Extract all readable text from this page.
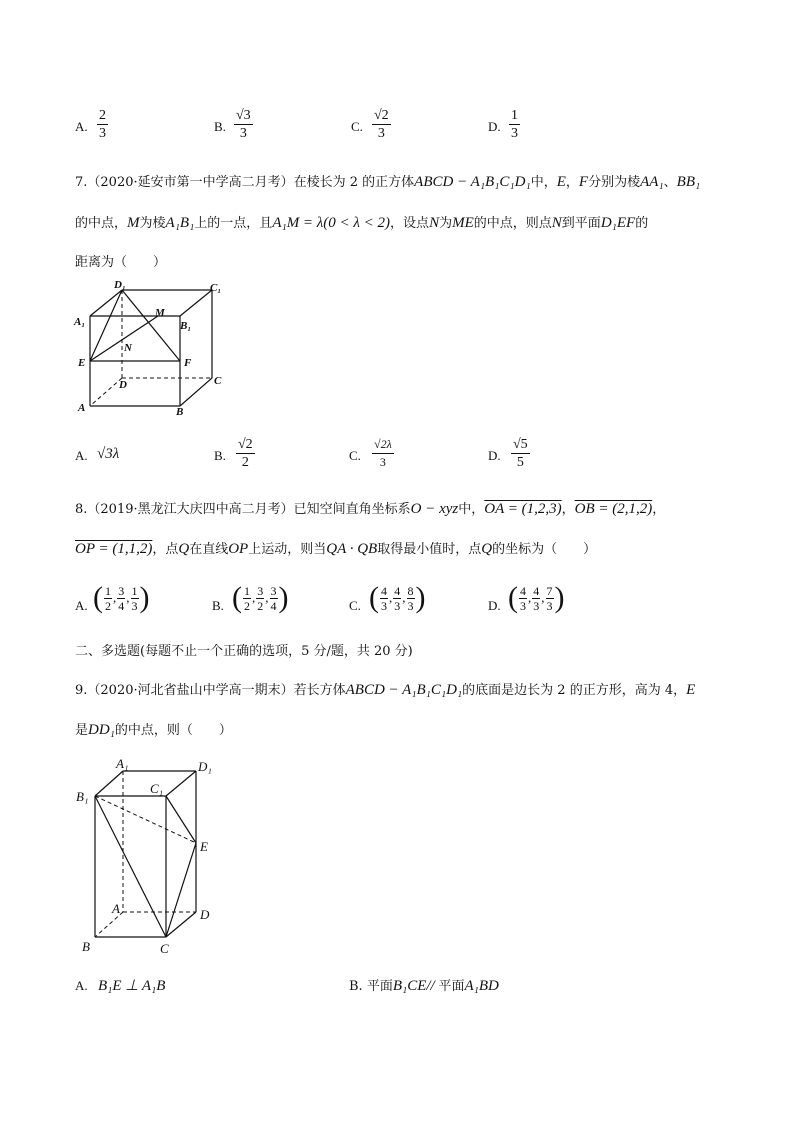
A. $\frac{2}{3}$	B. $\frac{√3}{3}$	C. $\frac{√2}{3}$	D. $\frac{1}{3}$
7.（2020·延安市第一中学高二月考）在棱长为 2 的正方体ABCD − A₁B₁C₁D₁中，E，F分别为棱AA₁、BB₁
的中点，M为棱A₁B₁上的一点，且A₁M = λ(0 < λ < 2)，设点N为ME的中点，则点N到平面D₁EF的
距离为（　　）
D₁	C₁
A₁	B₁
M
N
E	F
D	C
A	B
A. √3λ	B. $\frac{√2}{2}$	C. $\frac{√2\lambda}{3}$	D. $\frac{√5}{5}$
8.（2019·黑龙江大庆四中高二月考）已知空间直角坐标系O − xyz中，OA = (1,2,3)，OB = (2,1,2)，
OP = (1,1,2)，点Q在直线OP上运动，则当QA · QB取得最小值时，点Q的坐标为（　　）
A. ( $\frac{1}{2}$ , $\frac{3}{4}$ , $\frac{1}{3}$ )	B. ( $\frac{1}{2}$ , $\frac{3}{2}$ , $\frac{3}{4}$ )	C. ( $\frac{4}{3}$ , $\frac{4}{3}$ , $\frac{8}{3}$ )	D. ( $\frac{4}{3}$ , $\frac{4}{3}$ , $\frac{7}{3}$ )
二、多选题(每题不止一个正确的选项，5 分/题，共 20 分)
9.（2020·河北省盐山中学高一期末）若长方体ABCD − A₁B₁C₁D₁的底面是边长为 2 的正方形，高为 4，E
是DD₁的中点，则（　　）
A₁	D₁
B₁
C₁
E
A	D
B	C
A. B₁E ⊥ A₁B	B. 平面B₁CE// 平面A₁BD
